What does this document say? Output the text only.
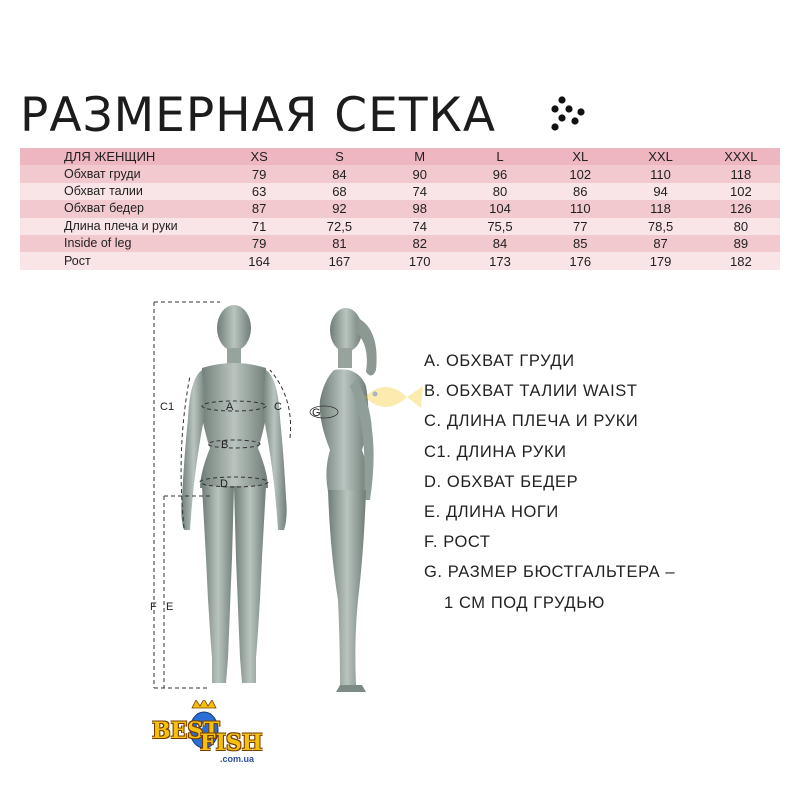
РАЗМЕРНАЯ СЕТКА
ДЛЯ ЖЕНЩИН	XS	S	M	L	XL	XXL	XXXL
Обхват груди	79	84	90	96	102	110	118
Обхват талии	63	68	74	80	86	94	102
Обхват бедер	87	92	98	104	110	118	126
Длина плеча и руки	71	72,5	74	75,5	77	78,5	80
Inside of leg	79	81	82	84	85	87	89
Рост	164	167	170	173	176	179	182
A
B
C
C1
D
F E
G
A. ОБХВАТ ГРУДИ
B. ОБХВАТ ТАЛИИ WAIST
C. ДЛИНА ПЛЕЧА И РУКИ
C1. ДЛИНА РУКИ
D. ОБХВАТ БЕДЕР
E. ДЛИНА НОГИ
F. РОСТ
G. РАЗМЕР БЮСТГАЛЬТЕРА –
1 СМ ПОД ГРУДЬЮ
BEST
FISH
.com.ua
